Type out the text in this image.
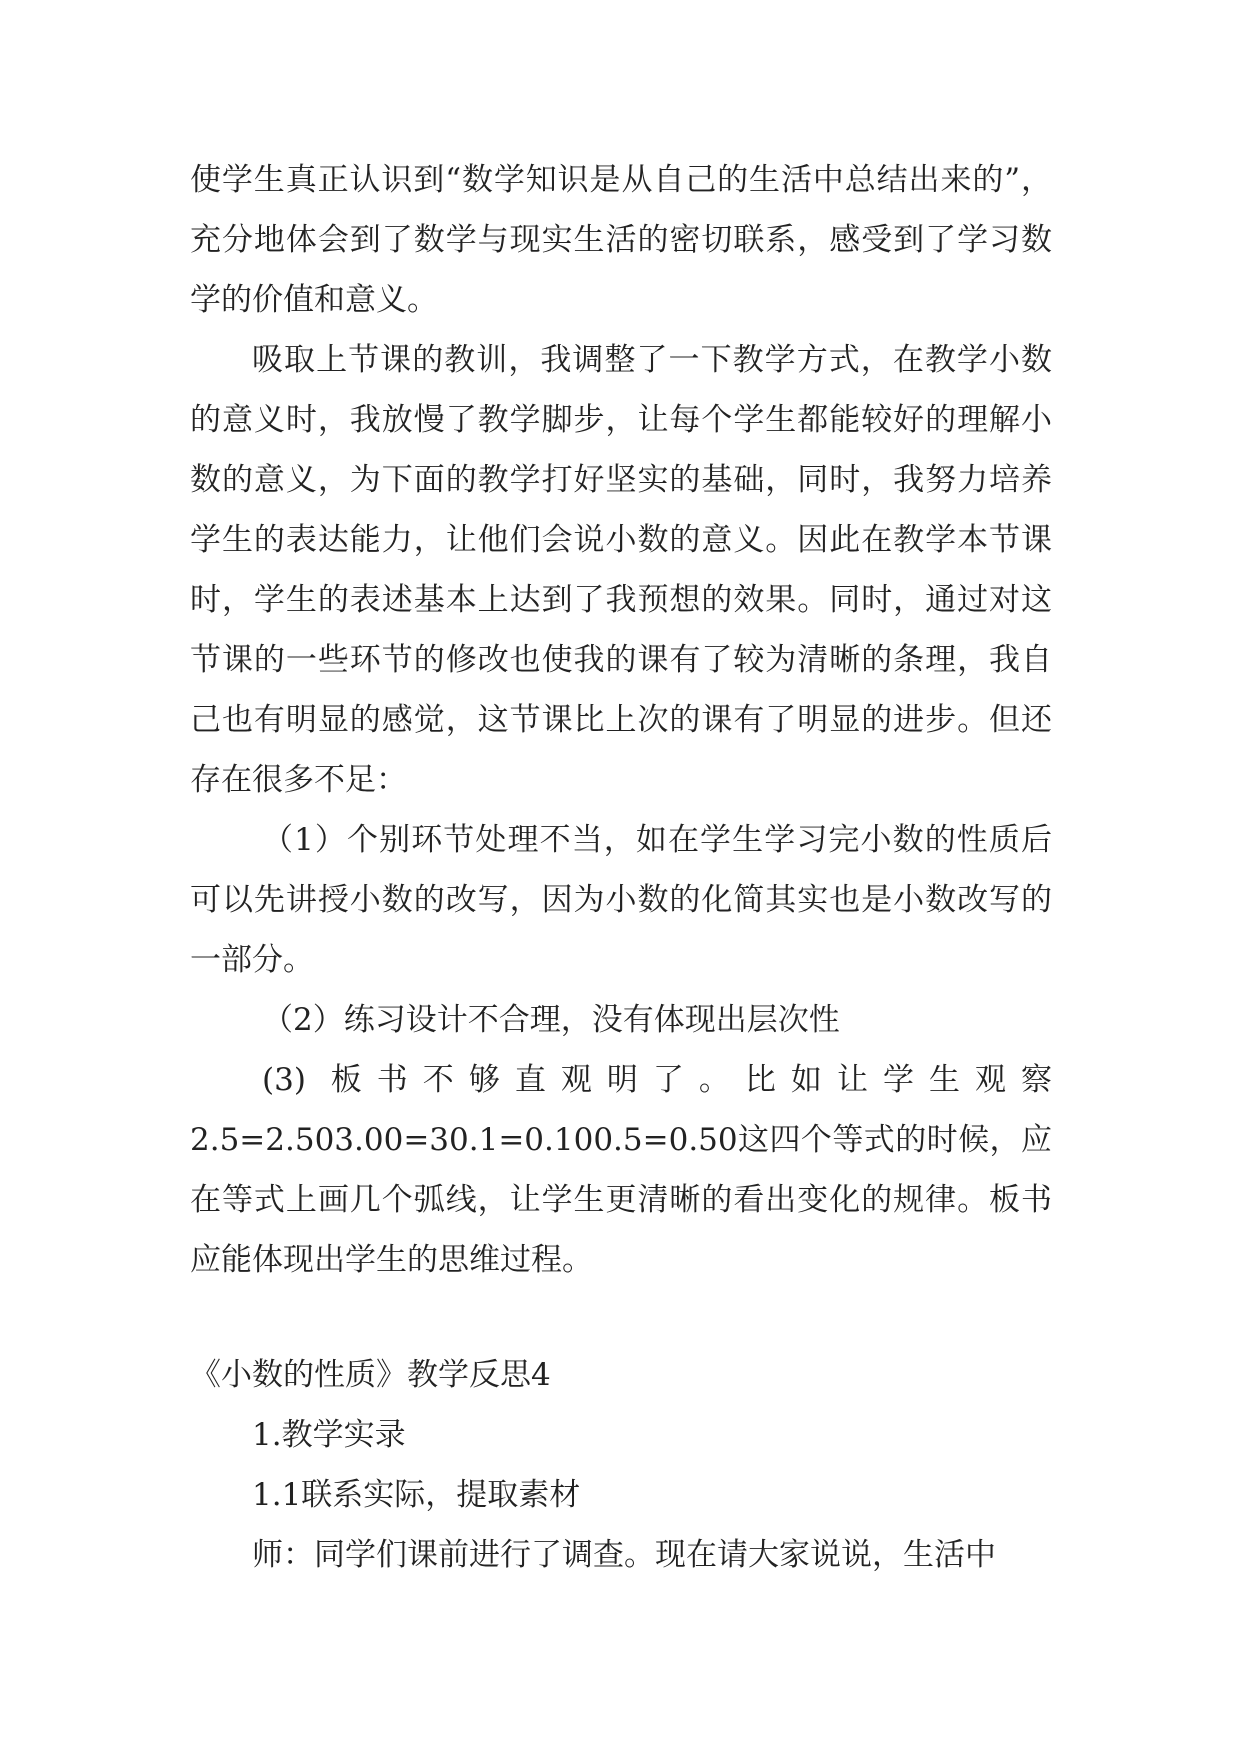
使学生真正认识到“数学知识是从自己的生活中总结出来的”，充分地体会到了数学与现实生活的密切联系，感受到了学习数学的价值和意义。

吸取上节课的教训，我调整了一下教学方式，在教学小数的意义时，我放慢了教学脚步，让每个学生都能较好的理解小数的意义，为下面的教学打好坚实的基础，同时，我努力培养学生的表达能力，让他们会说小数的意义。因此在教学本节课时，学生的表述基本上达到了我预想的效果。同时，通过对这节课的一些环节的修改也使我的课有了较为清晰的条理，我自己也有明显的感觉，这节课比上次的课有了明显的进步。但还存在很多不足：

（1）个别环节处理不当，如在学生学习完小数的性质后可以先讲授小数的改写，因为小数的化简其实也是小数改写的一部分。

（2）练习设计不合理，没有体现出层次性

(3) 板书不够直观明了。比如让学生观察2.5=2.503.00=30.1=0.100.5=0.50这四个等式的时候，应在等式上画几个弧线，让学生更清晰的看出变化的规律。板书应能体现出学生的思维过程。

《小数的性质》教学反思4

1.教学实录

1.1联系实际，提取素材

师：同学们课前进行了调查。现在请大家说说，生活中
